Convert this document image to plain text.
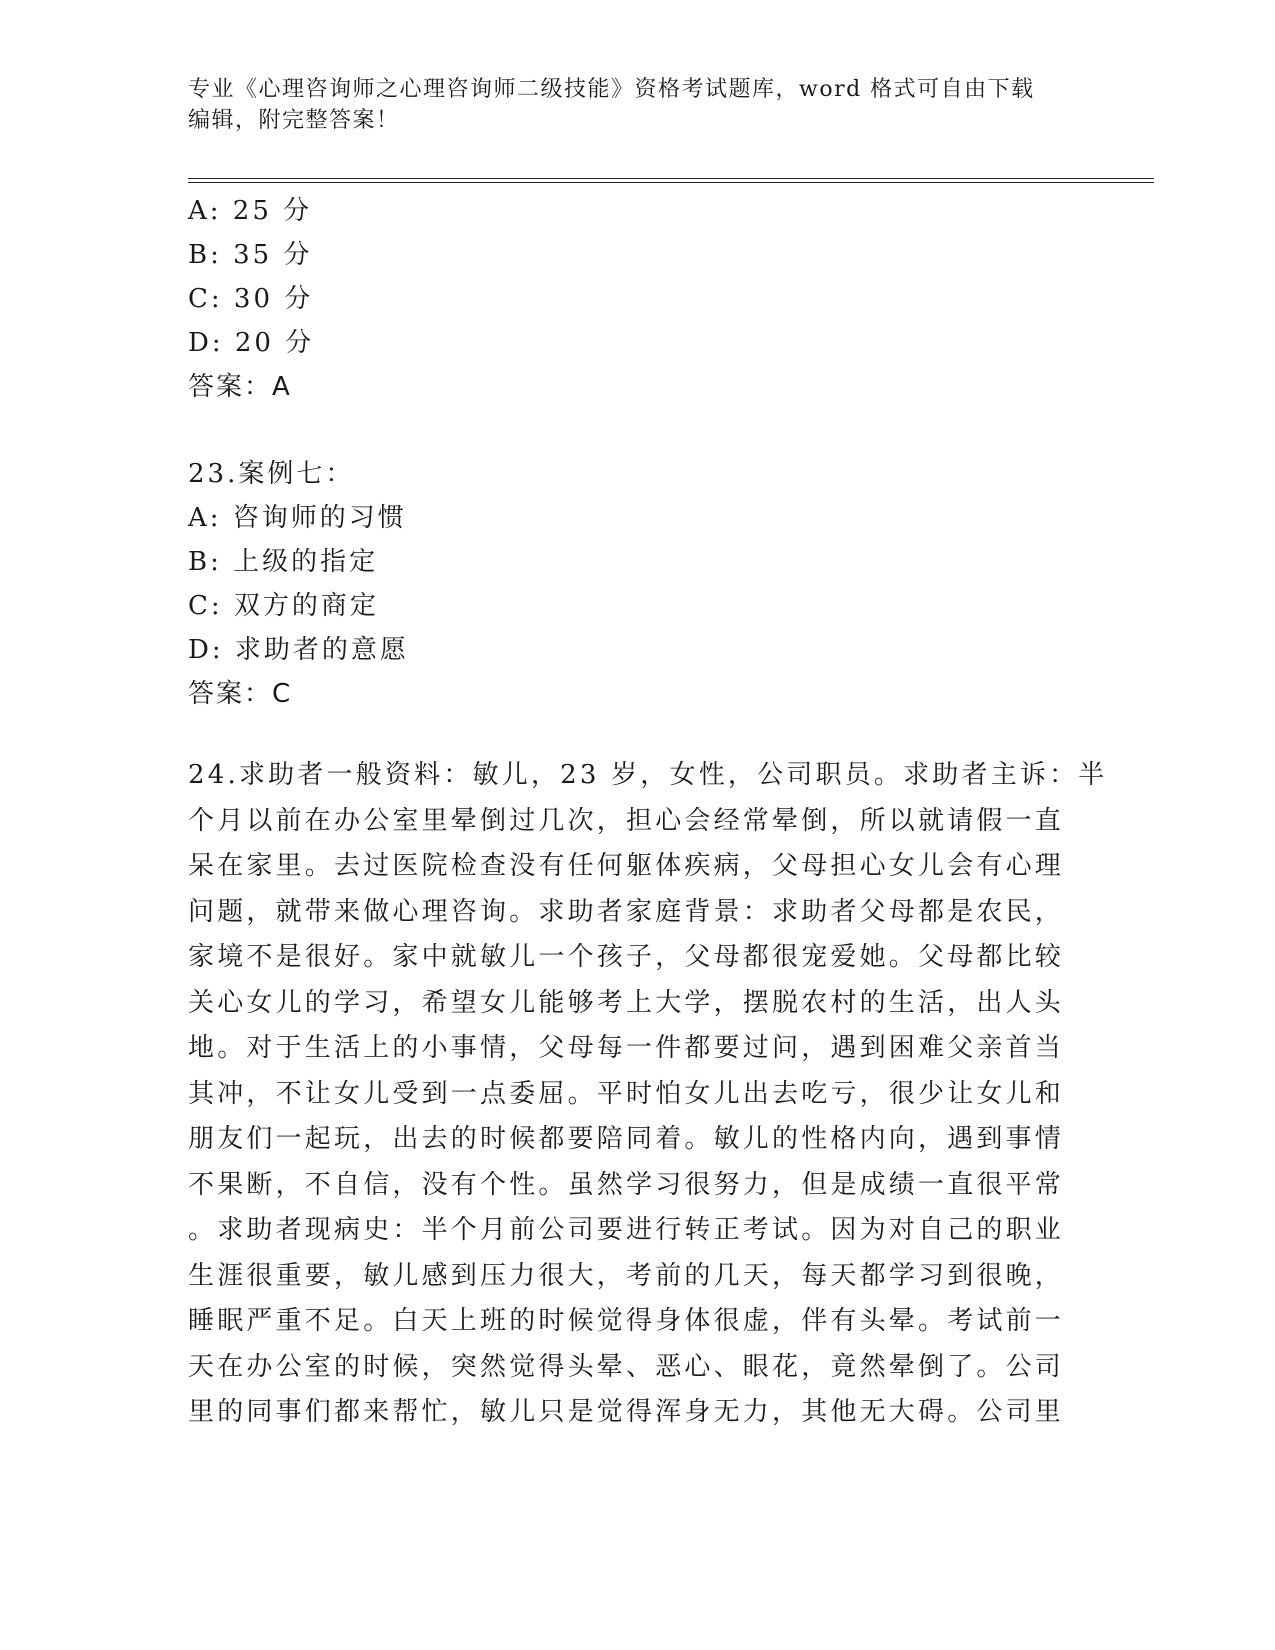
专业《心理咨询师之心理咨询师二级技能》资格考试题库，word 格式可自由下载
编辑，附完整答案！
A: 25 分
B: 35 分
C: 30 分
D: 20 分
答案：A
23.案例七：
A: 咨询师的习惯
B: 上级的指定
C: 双方的商定
D: 求助者的意愿
答案：C
24.求助者一般资料：敏儿，23 岁，女性，公司职员。求助者主诉：半
个月以前在办公室里晕倒过几次，担心会经常晕倒，所以就请假一直
呆在家里。去过医院检查没有任何躯体疾病，父母担心女儿会有心理
问题，就带来做心理咨询。求助者家庭背景：求助者父母都是农民，
家境不是很好。家中就敏儿一个孩子，父母都很宠爱她。父母都比较
关心女儿的学习，希望女儿能够考上大学，摆脱农村的生活，出人头
地。对于生活上的小事情，父母每一件都要过问，遇到困难父亲首当
其冲，不让女儿受到一点委屈。平时怕女儿出去吃亏，很少让女儿和
朋友们一起玩，出去的时候都要陪同着。敏儿的性格内向，遇到事情
不果断，不自信，没有个性。虽然学习很努力，但是成绩一直很平常
。求助者现病史：半个月前公司要进行转正考试。因为对自己的职业
生涯很重要，敏儿感到压力很大，考前的几天，每天都学习到很晚，
睡眠严重不足。白天上班的时候觉得身体很虚，伴有头晕。考试前一
天在办公室的时候，突然觉得头晕、恶心、眼花，竟然晕倒了。公司
里的同事们都来帮忙，敏儿只是觉得浑身无力，其他无大碍。公司里
